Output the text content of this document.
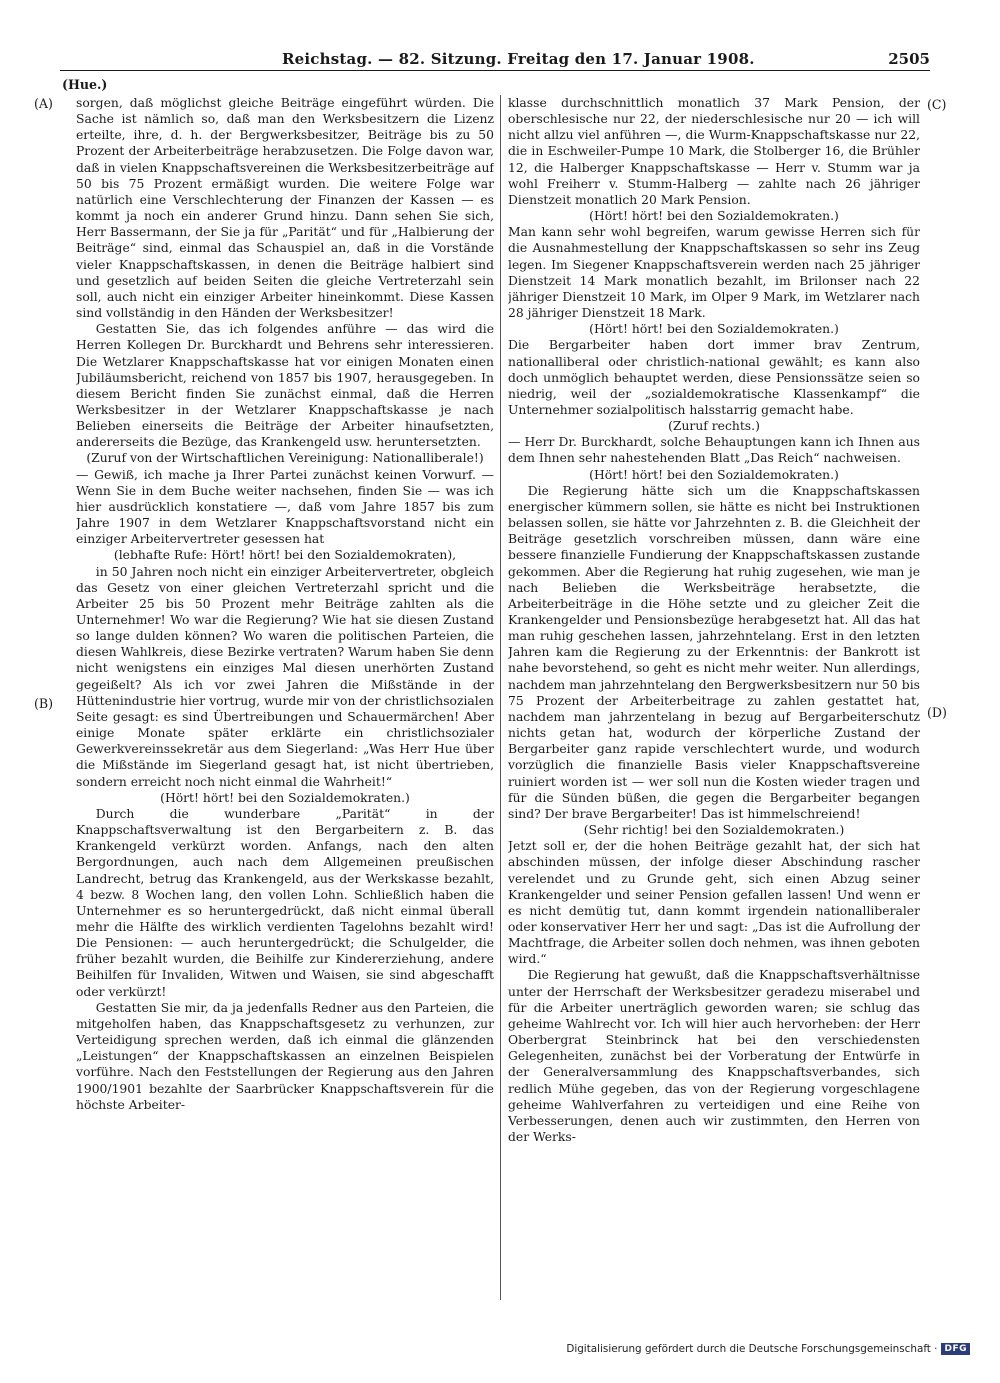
Reichstag. — 82. Sitzung. Freitag den 17. Januar 1908.	2505
(Hue.)
(A)
(B)
(C)
(D)

sorgen, daß möglichst gleiche Beiträge eingeführt würden. Die Sache ist nämlich so, daß man den Werksbesitzern die Lizenz erteilte, ihre, d. h. der Bergwerksbesitzer, Beiträge bis zu 50 Prozent der Arbeiterbeiträge herabzusetzen. Die Folge davon war, daß in vielen Knappschaftsvereinen die Werksbesitzerbeiträge auf 50 bis 75 Prozent ermäßigt wurden. Die weitere Folge war natürlich eine Verschlechterung der Finanzen der Kassen — es kommt ja noch ein anderer Grund hinzu. Dann sehen Sie sich, Herr Bassermann, der Sie ja für „Parität“ und für „Halbierung der Beiträge“ sind, einmal das Schauspiel an, daß in die Vorstände vieler Knappschaftskassen, in denen die Beiträge halbiert sind und gesetzlich auf beiden Seiten die gleiche Vertreterzahl sein soll, auch nicht ein einziger Arbeiter hineinkommt. Diese Kassen sind vollständig in den Händen der Werksbesitzer!

Gestatten Sie, das ich folgendes anführe — das wird die Herren Kollegen Dr. Burckhardt und Behrens sehr interessieren. Die Wetzlarer Knappschaftskasse hat vor einigen Monaten einen Jubiläumsbericht, reichend von 1857 bis 1907, herausgegeben. In diesem Bericht finden Sie zunächst einmal, daß die Herren Werksbesitzer in der Wetzlarer Knappschaftskasse je nach Belieben einerseits die Beiträge der Arbeiter hinaufsetzten, andererseits die Bezüge, das Krankengeld usw. heruntersetzten.

(Zuruf von der Wirtschaftlichen Vereinigung: Nationalliberale!)

— Gewiß, ich mache ja Ihrer Partei zunächst keinen Vorwurf. — Wenn Sie in dem Buche weiter nachsehen, finden Sie — was ich hier ausdrücklich konstatiere —, daß vom Jahre 1857 bis zum Jahre 1907 in dem Wetzlarer Knappschaftsvorstand nicht ein einziger Arbeitervertreter gesessen hat

(lebhafte Rufe: Hört! hört! bei den Sozialdemokraten),

in 50 Jahren noch nicht ein einziger Arbeitervertreter, obgleich das Gesetz von einer gleichen Vertreterzahl spricht und die Arbeiter 25 bis 50 Prozent mehr Beiträge zahlten als die Unternehmer! Wo war die Regierung? Wie hat sie diesen Zustand so lange dulden können? Wo waren die politischen Parteien, die diesen Wahlkreis, diese Bezirke vertraten? Warum haben Sie denn nicht wenigstens ein einziges Mal diesen unerhörten Zustand gegeißelt? Als ich vor zwei Jahren die Mißstände in der Hüttenindustrie hier vortrug, wurde mir von der christlichsozialen Seite gesagt: es sind Übertreibungen und Schauermärchen! Aber einige Monate später erklärte ein christlichsozialer Gewerkvereinssekretär aus dem Siegerland: „Was Herr Hue über die Mißstände im Siegerland gesagt hat, ist nicht übertrieben, sondern erreicht noch nicht einmal die Wahrheit!“

(Hört! hört! bei den Sozialdemokraten.)

Durch die wunderbare „Parität“ in der Knappschaftsverwaltung ist den Bergarbeitern z. B. das Krankengeld verkürzt worden. Anfangs, nach den alten Bergordnungen, auch nach dem Allgemeinen preußischen Landrecht, betrug das Krankengeld, aus der Werkskasse bezahlt, 4 bezw. 8 Wochen lang, den vollen Lohn. Schließlich haben die Unternehmer es so heruntergedrückt, daß nicht einmal überall mehr die Hälfte des wirklich verdienten Tagelohns bezahlt wird! Die Pensionen: — auch heruntergedrückt; die Schulgelder, die früher bezahlt wurden, die Beihilfe zur Kindererziehung, andere Beihilfen für Invaliden, Witwen und Waisen, sie sind abgeschafft oder verkürzt!

Gestatten Sie mir, da ja jedenfalls Redner aus den Parteien, die mitgeholfen haben, das Knappschaftsgesetz zu verhunzen, zur Verteidigung sprechen werden, daß ich einmal die glänzenden „Leistungen“ der Knappschaftskassen an einzelnen Beispielen vorführe. Nach den Feststellungen der Regierung aus den Jahren 1900/1901 bezahlte der Saarbrücker Knappschaftsverein für die höchste Arbeiter-

klasse durchschnittlich monatlich 37 Mark Pension, der oberschlesische nur 22, der niederschlesische nur 20 — ich will nicht allzu viel anführen —, die Wurm-Knappschaftskasse nur 22, die in Eschweiler-Pumpe 10 Mark, die Stolberger 16, die Brühler 12, die Halberger Knappschaftskasse — Herr v. Stumm war ja wohl Freiherr v. Stumm-Halberg — zahlte nach 26 jähriger Dienstzeit monatlich 20 Mark Pension.

(Hört! hört! bei den Sozialdemokraten.)

Man kann sehr wohl begreifen, warum gewisse Herren sich für die Ausnahmestellung der Knappschaftskassen so sehr ins Zeug legen. Im Siegener Knappschaftsverein werden nach 25 jähriger Dienstzeit 14 Mark monatlich bezahlt, im Brilonser nach 22 jähriger Dienstzeit 10 Mark, im Olper 9 Mark, im Wetzlarer nach 28 jähriger Dienstzeit 18 Mark.

(Hört! hört! bei den Sozialdemokraten.)

Die Bergarbeiter haben dort immer brav Zentrum, nationalliberal oder christlich-national gewählt; es kann also doch unmöglich behauptet werden, diese Pensionssätze seien so niedrig, weil der „sozialdemokratische Klassenkampf“ die Unternehmer sozialpolitisch halsstarrig gemacht habe.

(Zuruf rechts.)

— Herr Dr. Burckhardt, solche Behauptungen kann ich Ihnen aus dem Ihnen sehr nahestehenden Blatt „Das Reich“ nachweisen.

(Hört! hört! bei den Sozialdemokraten.)

Die Regierung hätte sich um die Knappschaftskassen energischer kümmern sollen, sie hätte es nicht bei Instruktionen belassen sollen, sie hätte vor Jahrzehnten z. B. die Gleichheit der Beiträge gesetzlich vorschreiben müssen, dann wäre eine bessere finanzielle Fundierung der Knappschaftskassen zustande gekommen. Aber die Regierung hat ruhig zugesehen, wie man je nach Belieben die Werksbeiträge herabsetzte, die Arbeiterbeiträge in die Höhe setzte und zu gleicher Zeit die Krankengelder und Pensionsbezüge herabgesetzt hat. All das hat man ruhig geschehen lassen, jahrzehntelang. Erst in den letzten Jahren kam die Regierung zu der Erkenntnis: der Bankrott ist nahe bevorstehend, so geht es nicht mehr weiter. Nun allerdings, nachdem man jahrzehntelang den Bergwerksbesitzern nur 50 bis 75 Prozent der Arbeiterbeitrage zu zahlen gestattet hat, nachdem man jahrzentelang in bezug auf Bergarbeiterschutz nichts getan hat, wodurch der körperliche Zustand der Bergarbeiter ganz rapide verschlechtert wurde, und wodurch vorzüglich die finanzielle Basis vieler Knappschaftsvereine ruiniert worden ist — wer soll nun die Kosten wieder tragen und für die Sünden büßen, die gegen die Bergarbeiter begangen sind? Der brave Bergarbeiter! Das ist himmelschreiend!

(Sehr richtig! bei den Sozialdemokraten.)

Jetzt soll er, der die hohen Beiträge gezahlt hat, der sich hat abschinden müssen, der infolge dieser Abschindung rascher verelendet und zu Grunde geht, sich einen Abzug seiner Krankengelder und seiner Pension gefallen lassen! Und wenn er es nicht demütig tut, dann kommt irgendein nationalliberaler oder konservativer Herr her und sagt: „Das ist die Aufrollung der Machtfrage, die Arbeiter sollen doch nehmen, was ihnen geboten wird.“

Die Regierung hat gewußt, daß die Knappschaftsverhältnisse unter der Herrschaft der Werksbesitzer geradezu miserabel und für die Arbeiter unerträglich geworden waren; sie schlug das geheime Wahlrecht vor. Ich will hier auch hervorheben: der Herr Oberbergrat Steinbrinck hat bei den verschiedensten Gelegenheiten, zunächst bei der Vorberatung der Entwürfe in der Generalversammlung des Knappschaftsverbandes, sich redlich Mühe gegeben, das von der Regierung vorgeschlagene geheime Wahlverfahren zu verteidigen und eine Reihe von Verbesserungen, denen auch wir zustimmten, den Herren von der Werks-

Digitalisierung gefördert durch die Deutsche Forschungsgemeinschaft · DFG
